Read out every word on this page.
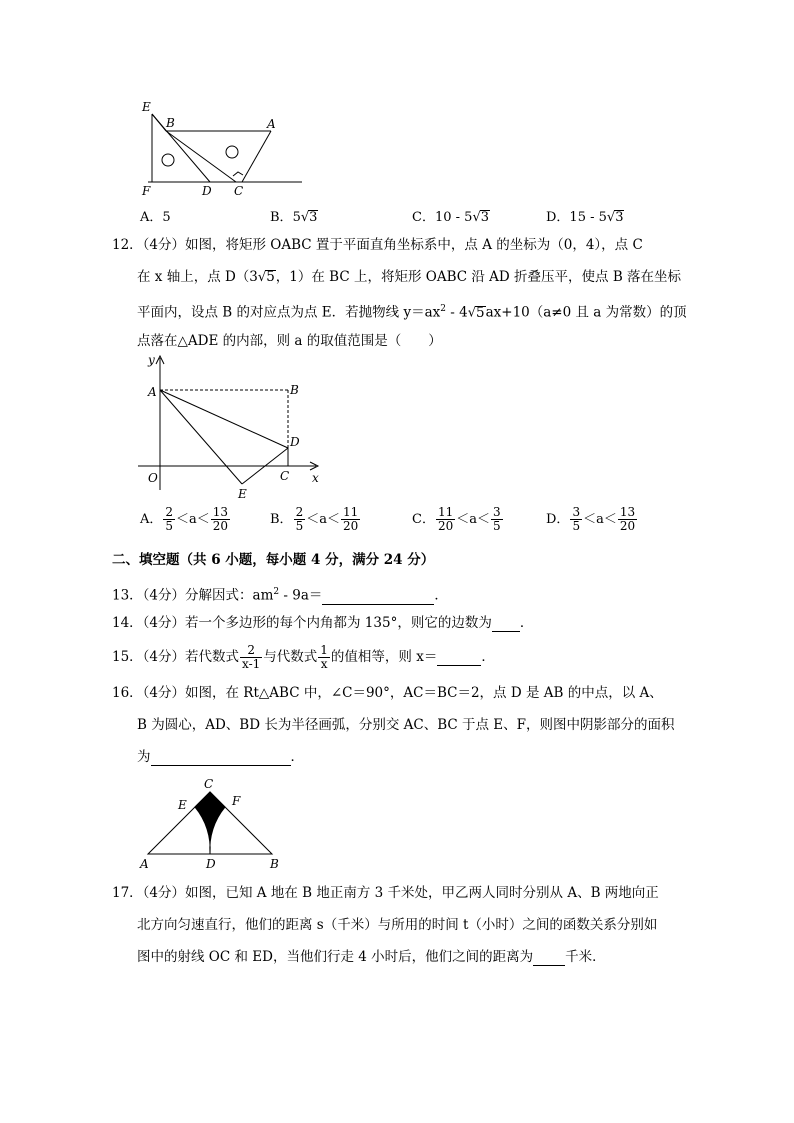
E
B	A
F	D C
A．5	B．5√3	C．10 - 5√3	D．15 - 5√3
12．（4分）如图，将矩形 OABC 置于平面直角坐标系中，点 A 的坐标为（0，4），点 C
在 x 轴上，点 D（3√5，1）在 BC 上，将矩形 OABC 沿 AD 折叠压平，使点 B 落在坐标
平面内，设点 B 的对应点为点 E．若抛物线 $y=ax^2 - 4√5ax+10(a\ne 0$ 且 a 为常数）的顶
点落在△ADE 的内部，则 a 的取值范围是（　　）
y
A	B
D
O	C
E
x
A． $\frac{2}{5} <a< \frac{13}{20}$	B． $\frac{2}{5} <a< \frac{11}{20}$	C． $\frac{11}{20} <a< \frac{3}{5}$	D． $\frac{3}{5} <a< \frac{13}{20}$
二、填空题（共 6 小题，每小题 4 分，满分 24 分）
13．（4分）分解因式：$am^2 - 9a=$	．
14．（4分）若一个多边形的每个内角都为 135°，则它的边数为 ．
15．（4分）若代数式 $\frac{2}{x-1}$ 与代数式 $\frac{1}{x}$ 的值相等，则 x＝	．
16．（4分）如图，在 Rt△ABC 中，∠C＝90°，AC＝BC＝2，点 D 是 AB 的中点，以 A、
B 为圆心，AD、BD 长为半径画弧，分别交 AC、BC 于点 E、F，则图中阴影部分的面积
为	．
C
E	F
A	D	B
17．（4分）如图，已知 A 地在 B 地正南方 3 千米处，甲乙两人同时分别从 A、B 两地向正
北方向匀速直行，他们的距离 s（千米）与所用的时间 t（小时）之间的函数关系分别如
图中的射线 OC 和 ED，当他们行走 4 小时后，他们之间的距离为 千米．
